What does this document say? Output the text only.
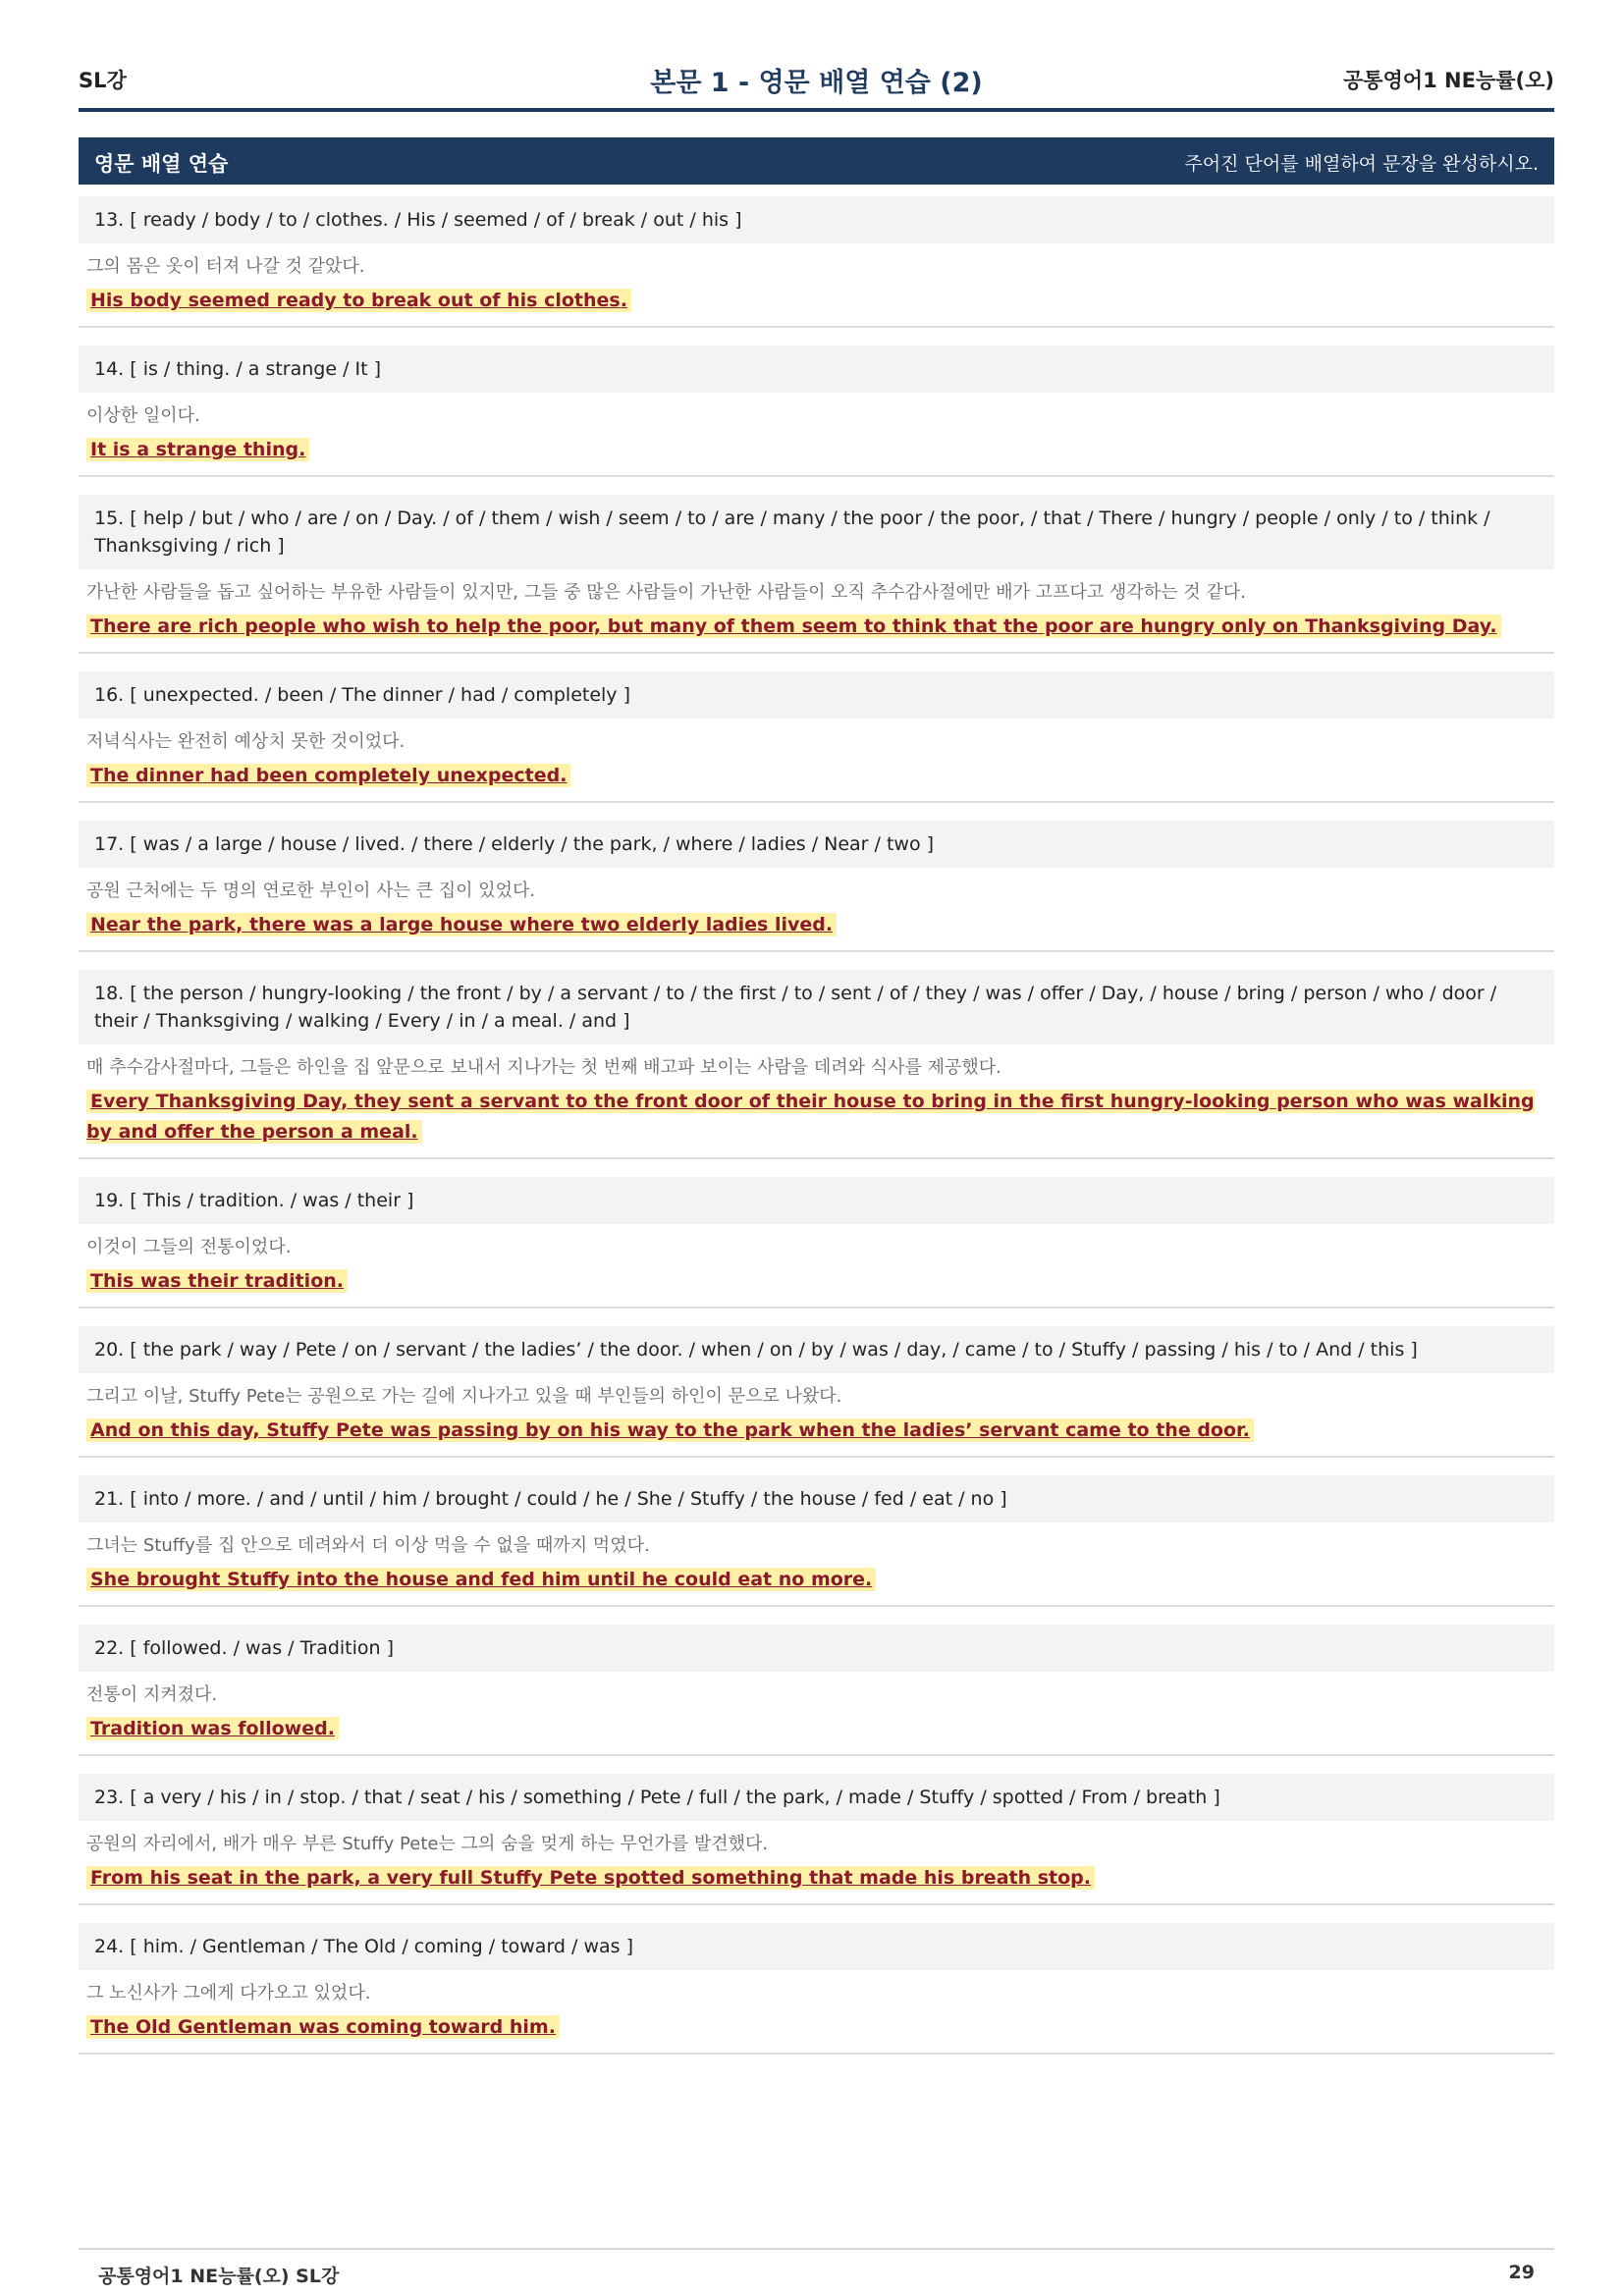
SL강	본문 1 - 영문 배열 연습 (2)	공통영어1 NE능률(오)
영문 배열 연습	주어진 단어를 배열하여 문장을 완성하시오.
13. [ ready / body / to / clothes. / His / seemed / of / break / out / his ]
그의 몸은 옷이 터져 나갈 것 같았다.
His body seemed ready to break out of his clothes.
14. [ is / thing. / a strange / It ]
이상한 일이다.
It is a strange thing.
15. [ help / but / who / are / on / Day. / of / them / wish / seem / to / are / many / the poor / the poor, / that / There / hungry / people / only / to / think / Thanksgiving / rich ]
가난한 사람들을 돕고 싶어하는 부유한 사람들이 있지만, 그들 중 많은 사람들이 가난한 사람들이 오직 추수감사절에만 배가 고프다고 생각하는 것 같다.
There are rich people who wish to help the poor, but many of them seem to think that the poor are hungry only on Thanksgiving Day.
16. [ unexpected. / been / The dinner / had / completely ]
저녁식사는 완전히 예상치 못한 것이었다.
The dinner had been completely unexpected.
17. [ was / a large / house / lived. / there / elderly / the park, / where / ladies / Near / two ]
공원 근처에는 두 명의 연로한 부인이 사는 큰 집이 있었다.
Near the park, there was a large house where two elderly ladies lived.
18. [ the person / hungry-looking / the front / by / a servant / to / the first / to / sent / of / they / was / offer / Day, / house / bring / person / who / door / their / Thanksgiving / walking / Every / in / a meal. / and ]
매 추수감사절마다, 그들은 하인을 집 앞문으로 보내서 지나가는 첫 번째 배고파 보이는 사람을 데려와 식사를 제공했다.
Every Thanksgiving Day, they sent a servant to the front door of their house to bring in the first hungry-looking person who was walking by and offer the person a meal.
19. [ This / tradition. / was / their ]
이것이 그들의 전통이었다.
This was their tradition.
20. [ the park / way / Pete / on / servant / the ladies’ / the door. / when / on / by / was / day, / came / to / Stuffy / passing / his / to / And / this ]
그리고 이날, Stuffy Pete는 공원으로 가는 길에 지나가고 있을 때 부인들의 하인이 문으로 나왔다.
And on this day, Stuffy Pete was passing by on his way to the park when the ladies’ servant came to the door.
21. [ into / more. / and / until / him / brought / could / he / She / Stuffy / the house / fed / eat / no ]
그녀는 Stuffy를 집 안으로 데려와서 더 이상 먹을 수 없을 때까지 먹였다.
She brought Stuffy into the house and fed him until he could eat no more.
22. [ followed. / was / Tradition ]
전통이 지켜졌다.
Tradition was followed.
23. [ a very / his / in / stop. / that / seat / his / something / Pete / full / the park, / made / Stuffy / spotted / From / breath ]
공원의 자리에서, 배가 매우 부른 Stuffy Pete는 그의 숨을 멎게 하는 무언가를 발견했다.
From his seat in the park, a very full Stuffy Pete spotted something that made his breath stop.
24. [ him. / Gentleman / The Old / coming / toward / was ]
그 노신사가 그에게 다가오고 있었다.
The Old Gentleman was coming toward him.
공통영어1 NE능률(오) SL강	29
